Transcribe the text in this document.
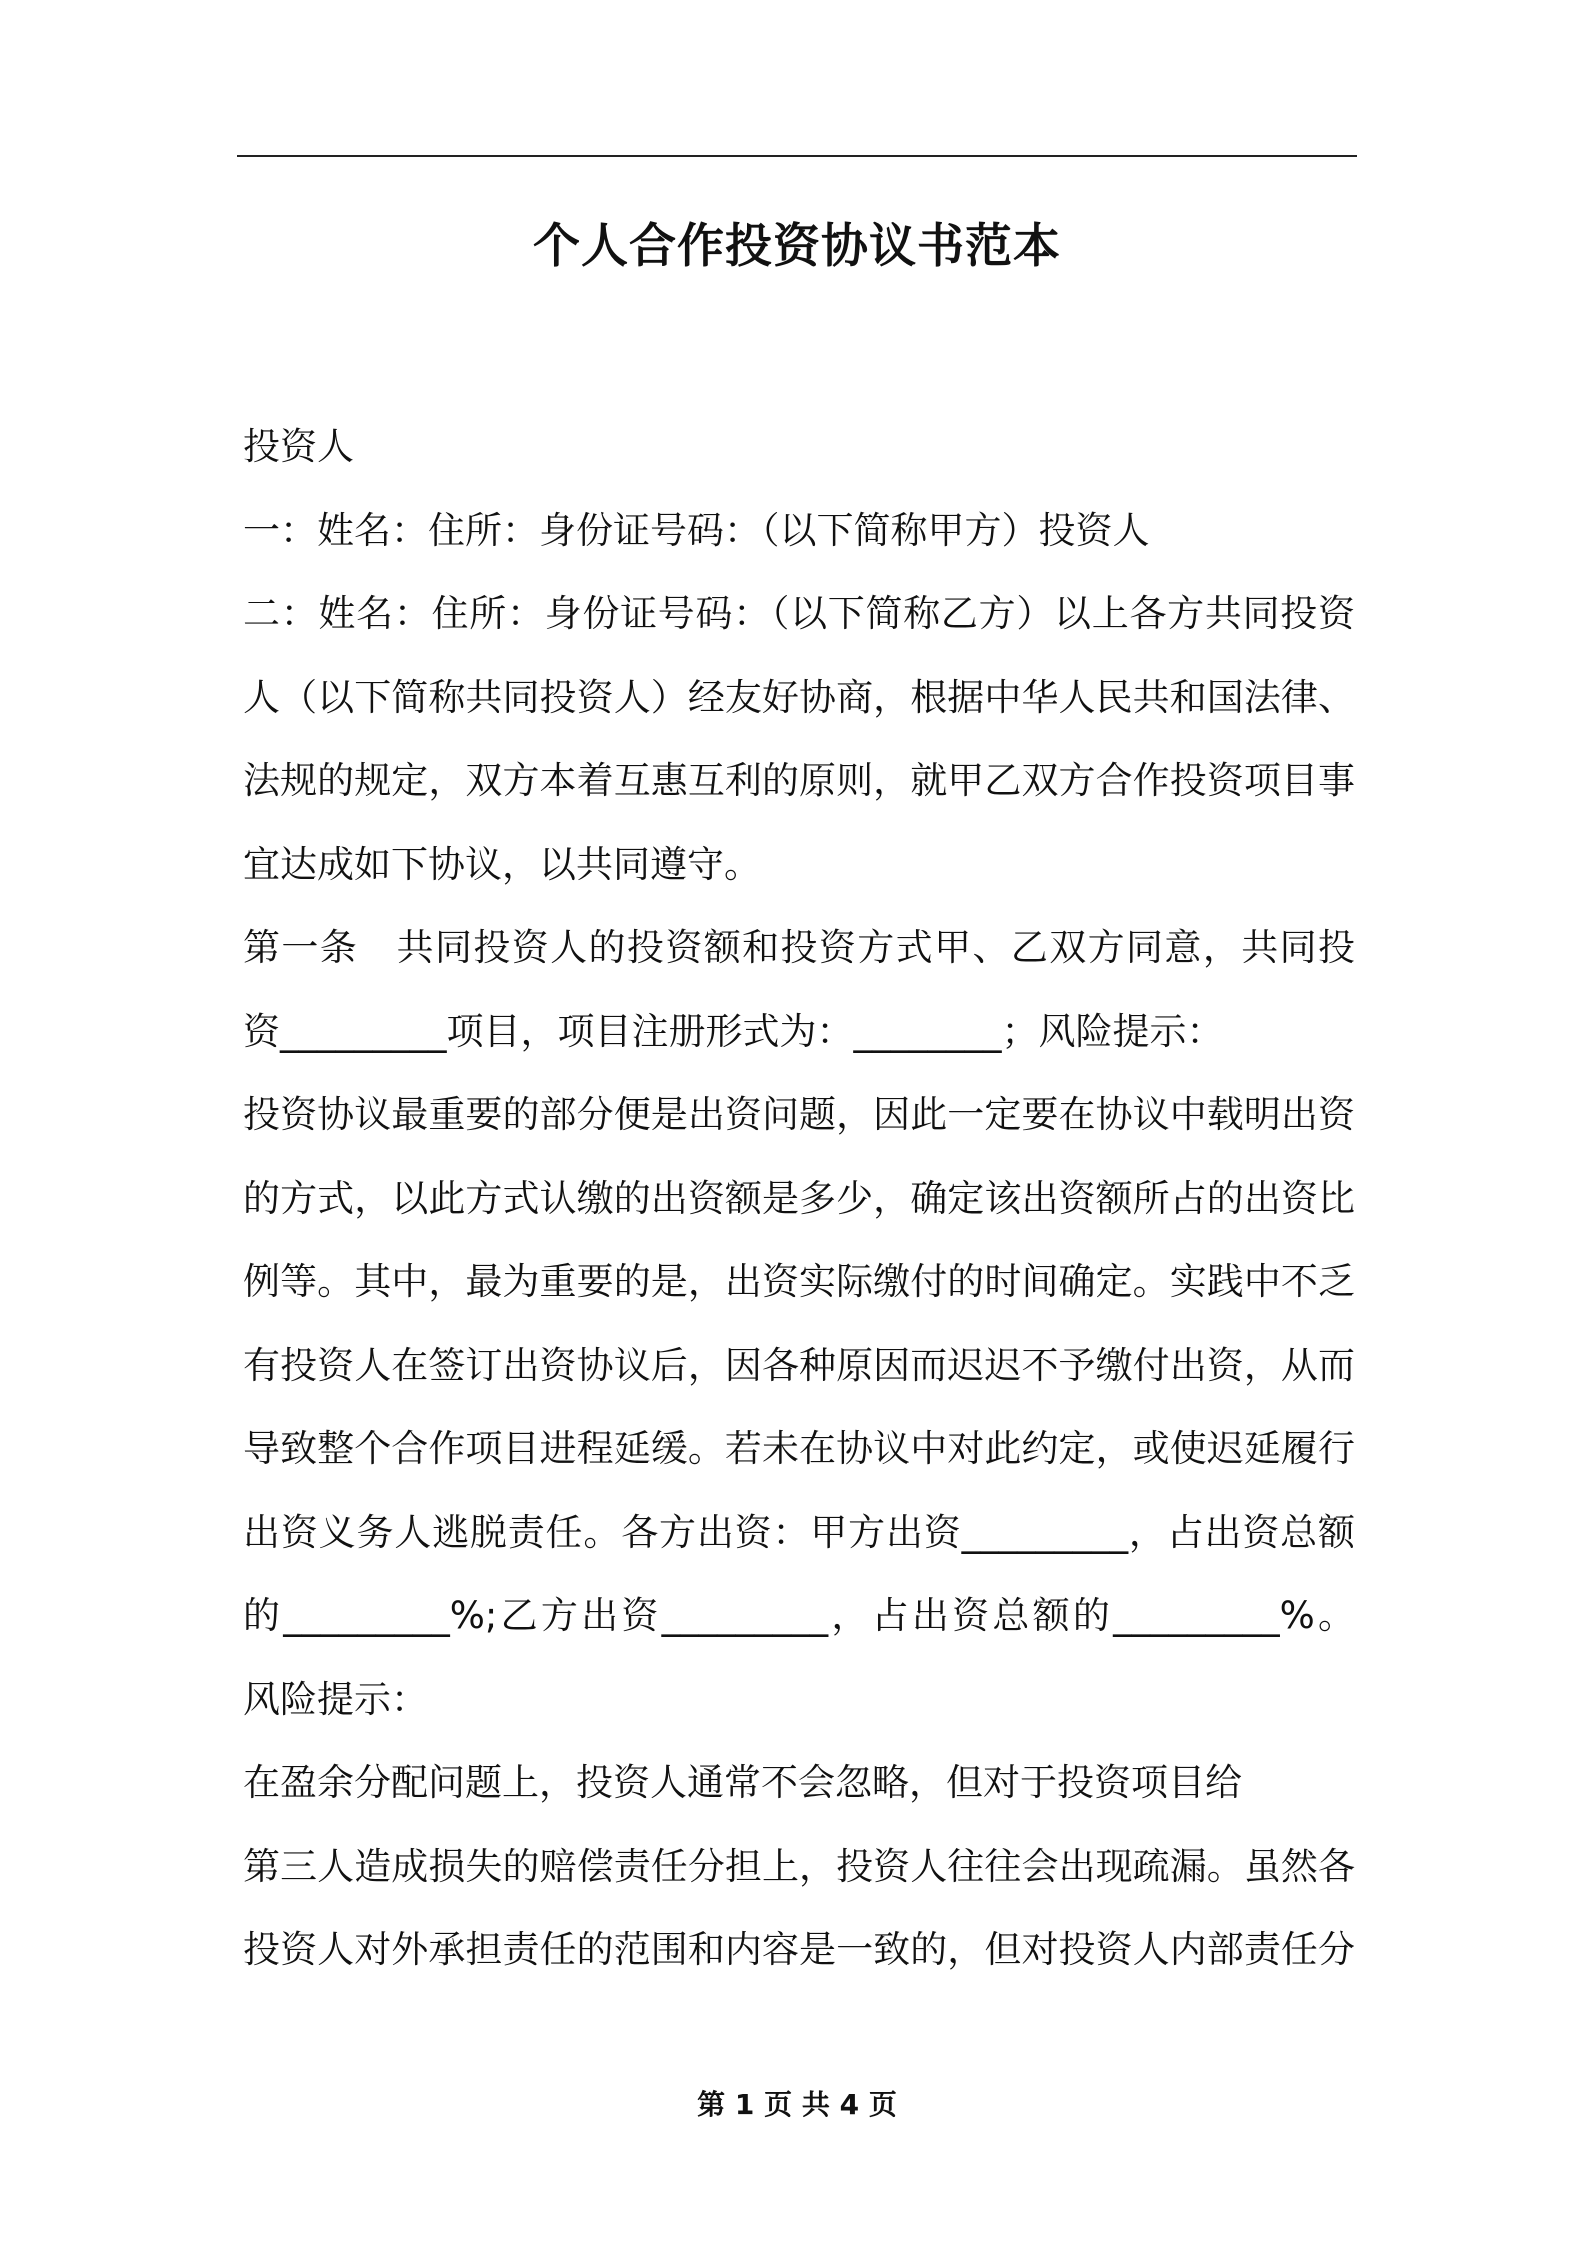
个人合作投资协议书范本
投资人
一：姓名：住所：身份证号码：（以下简称甲方）投资人
二：姓名：住所：身份证号码：（以下简称乙方）以上各方共同投资
人（以下简称共同投资人）经友好协商，根据中华人民共和国法律、
法规的规定，双方本着互惠互利的原则，就甲乙双方合作投资项目事
宜达成如下协议，以共同遵守。
第一条　共同投资人的投资额和投资方式甲、乙双方同意，共同投
资_________项目，项目注册形式为：________；风险提示：
投资协议最重要的部分便是出资问题，因此一定要在协议中载明出资
的方式，以此方式认缴的出资额是多少，确定该出资额所占的出资比
例等。其中，最为重要的是，出资实际缴付的时间确定。实践中不乏
有投资人在签订出资协议后，因各种原因而迟迟不予缴付出资，从而
导致整个合作项目进程延缓。若未在协议中对此约定，或使迟延履行
出资义务人逃脱责任。各方出资：甲方出资_________，占出资总额
的_________%;乙方出资_________，占出资总额的_________%。
风险提示：
在盈余分配问题上，投资人通常不会忽略，但对于投资项目给
第三人造成损失的赔偿责任分担上，投资人往往会出现疏漏。虽然各
投资人对外承担责任的范围和内容是一致的，但对投资人内部责任分
第 1 页 共 4 页
